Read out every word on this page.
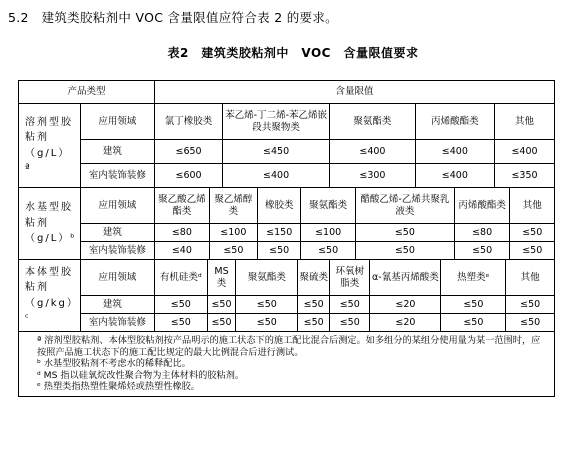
5.2　建筑类胶粘剂中 VOC 含量限值应符合表 2 的要求。
表2　建筑类胶粘剂中　VOC　含量限值要求
产品类型		含量限值																
溶剂型胶粘剂（g/L）ª	应用领域	氯丁橡胶类			苯乙烯-丁二烯-苯乙烯嵌段共聚物类					聚氨酯类			丙烯酸酯类			其他		
	建筑	≤650			≤450					≤400			≤400			≤400		
	室内装饰装修	≤600			≤400					≤300			≤400			≤350		
水基型胶粘剂（g/L）ᵇ	应用领域	聚乙酸乙烯酯类		聚乙烯醇类			橡胶类		聚氨酯类		醋酸乙烯-乙烯共聚乳液类				丙烯酸酯类			其他
	建筑	≤80		≤100			≤150		≤100		≤50				≤80			≤50
	室内装饰装修	≤40		≤50			≤50		≤50		≤50				≤50			≤50
本体型胶粘剂（g/kg）ᶜ	应用领域	有机硅类ᵈ	MS 类			聚氨酯类		聚硫类		环氧树脂类		α-氰基丙烯酸类		热塑类ᵉ			其他	
	建筑	≤50	≤50			≤50		≤50		≤50		≤20		≤50			≤50	
	室内装饰装修	≤50	≤50			≤50		≤50		≤50		≤20		≤50			≤50	

ª 溶剂型胶粘剂、本体型胶粘剂按产品明示的施工状态下的施工配比混合后测定。如多组分的某组分使用量为某一范围时，应按照产品施工状态下的施工配比规定的最大比例混合后进行测试。
ᵇ 水基型胶粘剂不考虑水的稀释配比。
ᵈ MS 指以硅氧烷改性聚合物为主体材料的胶粘剂。
ᵉ 热塑类指热塑性聚烯烃或热塑性橡胶。																		
